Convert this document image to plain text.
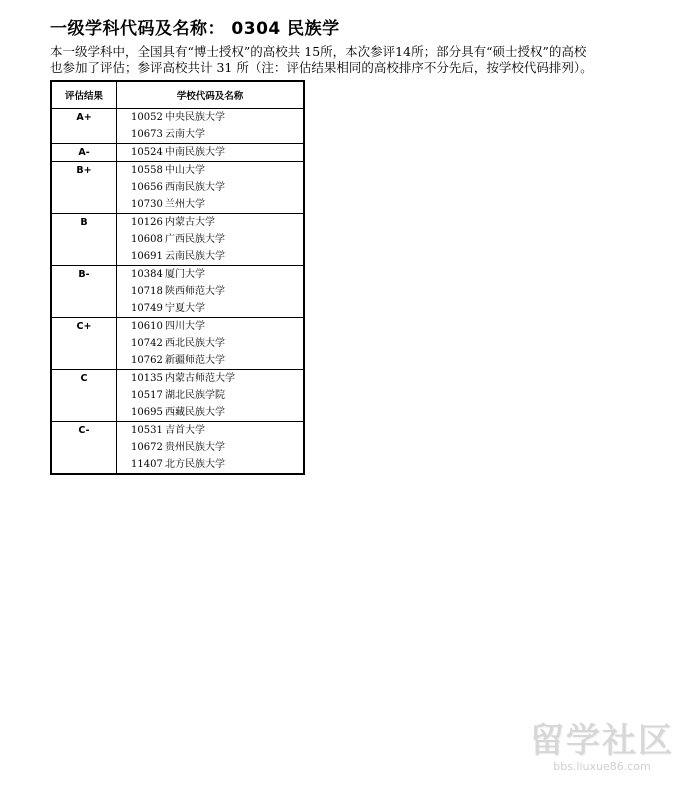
一级学科代码及名称： 0304 民族学

本一级学科中，全国具有“博士授权”的高校共 15所，本次参评14所；部分具有“硕士授权”的高校

也参加了评估；参评高校共计 31 所（注：评估结果相同的高校排序不分先后，按学校代码排列）。

评估结果	学校代码及名称
A+	10052 中央民族大学
10673 云南大学

A-	10524 中南民族大学

B+	10558 中山大学
10656 西南民族大学
10730 兰州大学

B	10126 内蒙古大学
10608 广西民族大学
10691 云南民族大学

B-	10384 厦门大学
10718 陕西师范大学
10749 宁夏大学

C+	10610 四川大学
10742 西北民族大学
10762 新疆师范大学

C	10135 内蒙古师范大学
10517 湖北民族学院
10695 西藏民族大学

C-	10531 吉首大学
10672 贵州民族大学
11407 北方民族大学
留学社区
bbs.liuxue86.com
